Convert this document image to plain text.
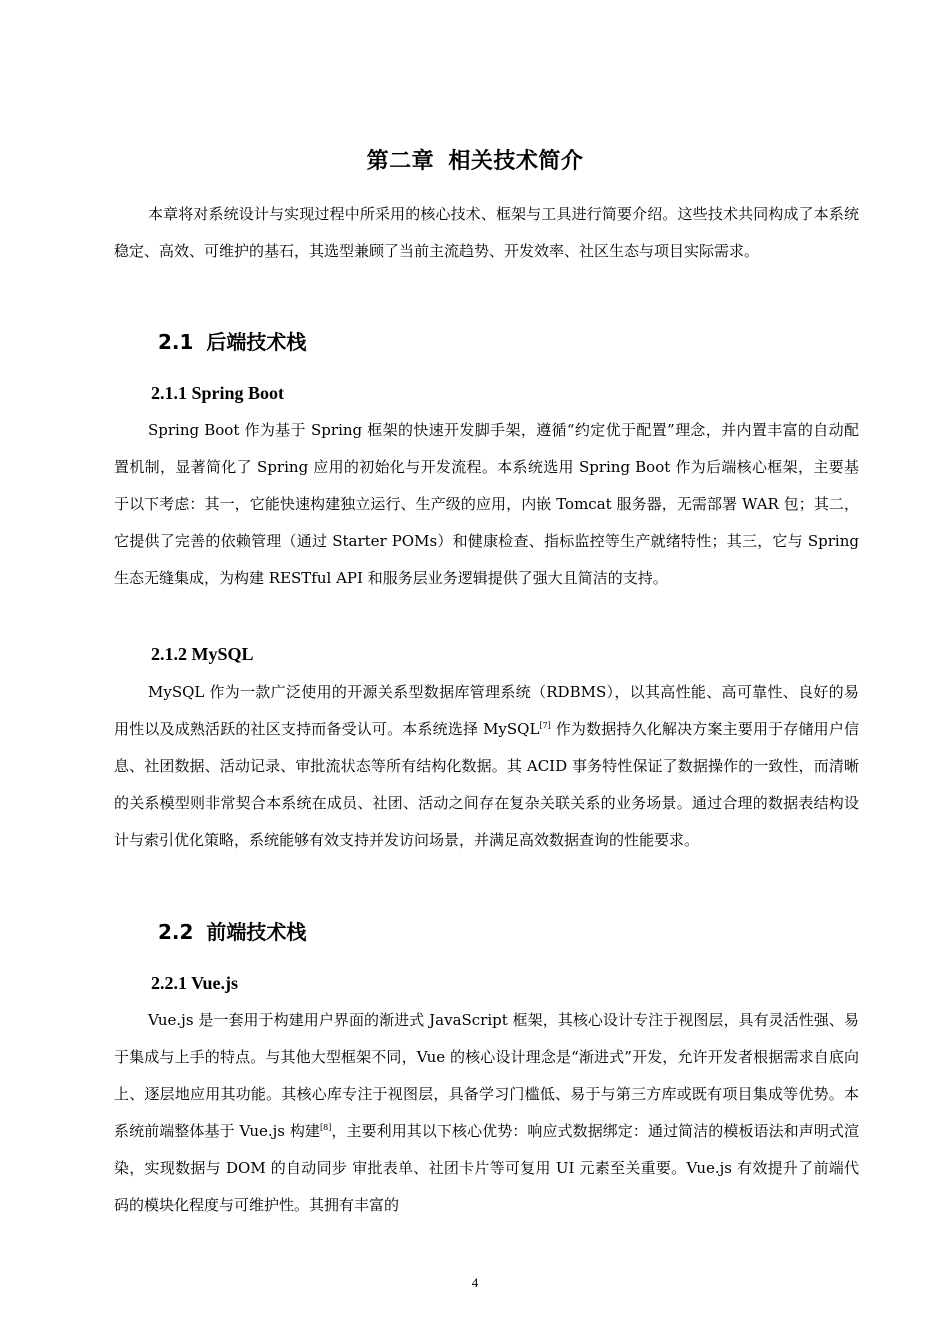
第二章 相关技术简介

本章将对系统设计与实现过程中所采用的核心技术、框架与工具进行简要介绍。这些技术共同构成了本系统稳定、高效、可维护的基石，其选型兼顾了当前主流趋势、开发效率、社区生态与项目实际需求。

2.1 后端技术栈
2.1.1 Spring Boot

Spring Boot 作为基于 Spring 框架的快速开发脚手架，遵循“约定优于配置”理念，并内置丰富的自动配置机制，显著简化了 Spring 应用的初始化与开发流程。本系统选用 Spring Boot 作为后端核心框架，主要基于以下考虑：其一，它能快速构建独立运行、生产级的应用，内嵌 Tomcat 服务器，无需部署 WAR 包；其二，它提供了完善的依赖管理（通过 Starter POMs）和健康检查、指标监控等生产就绪特性；其三，它与 Spring 生态无缝集成，为构建 RESTful API 和服务层业务逻辑提供了强大且简洁的支持。

2.1.2 MySQL

MySQL 作为一款广泛使用的开源关系型数据库管理系统（RDBMS），以其高性能、高可靠性、良好的易用性以及成熟活跃的社区支持而备受认可。本系统选择 MySQL[7] 作为数据持久化解决方案主要用于存储用户信息、社团数据、活动记录、审批流状态等所有结构化数据。其 ACID 事务特性保证了数据操作的一致性，而清晰的关系模型则非常契合本系统在成员、社团、活动之间存在复杂关联关系的业务场景。通过合理的数据表结构设计与索引优化策略，系统能够有效支持并发访问场景，并满足高效数据查询的性能要求。

2.2 前端技术栈
2.2.1 Vue.js

Vue.js 是一套用于构建用户界面的渐进式 JavaScript 框架，其核心设计专注于视图层，具有灵活性强、易于集成与上手的特点。与其他大型框架不同，Vue 的核心设计理念是“渐进式”开发，允许开发者根据需求自底向上、逐层地应用其功能。其核心库专注于视图层，具备学习门槛低、易于与第三方库或既有项目集成等优势。本系统前端整体基于 Vue.js 构建[8]，主要利用其以下核心优势：响应式数据绑定：通过简洁的模板语法和声明式渲染，实现数据与 DOM 的自动同步 审批表单、社团卡片等可复用 UI 元素至关重要。Vue.js 有效提升了前端代码的模块化程度与可维护性。其拥有丰富的

4
